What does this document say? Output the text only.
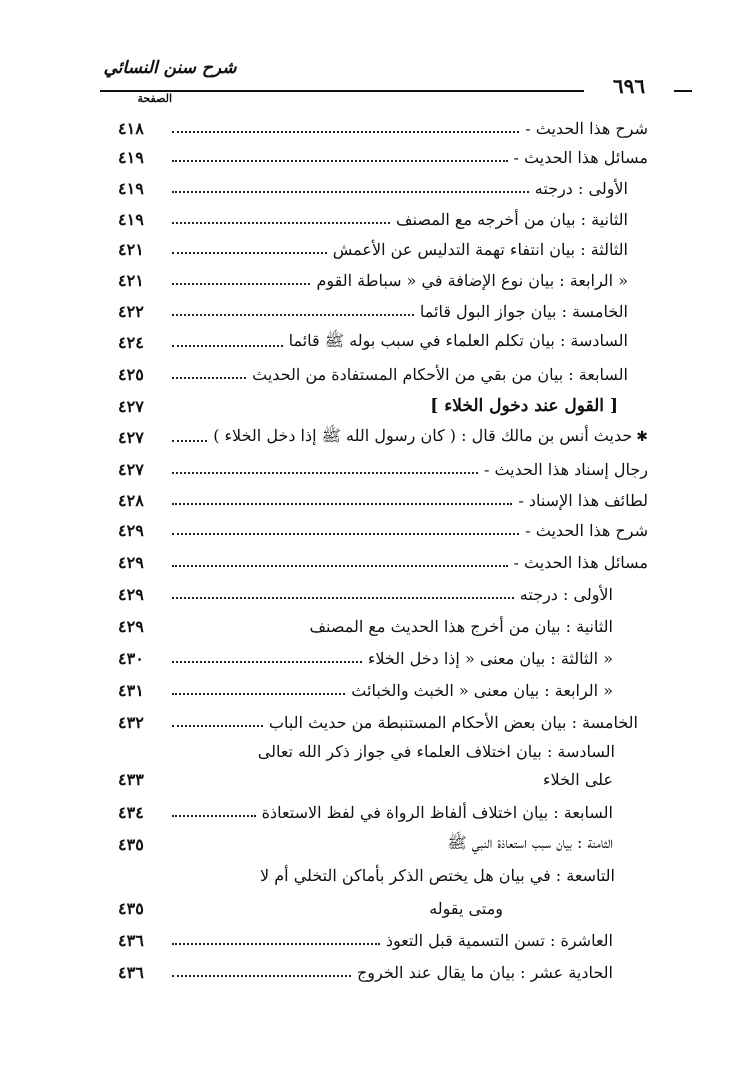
شرح سنن النسائي
٦٩٦
الصفحة
- شرح هذا الحديث
٤١٨
- مسائل هذا الحديث
٤١٩
الأولى : درجته
٤١٩
الثانية : بيان من أخرجه مع المصنف
٤١٩
الثالثة : بيان انتفاء تهمة التدليس عن الأعمش
٤٢١
الرابعة : بيان نوع الإضافة في « سباطة القوم »
٤٢١
الخامسة : بيان جواز البول قائما
٤٢٢
السادسة : بيان تكلم العلماء في سبب بوله ﷺ قائما
٤٢٤
السابعة : بيان من بقي من الأحكام المستفادة من الحديث
٤٢٥
[ القول عند دخول الخلاء ]
٤٢٧
✱
حديث أنس بن مالك قال : ( كان رسول الله ﷺ إذا دخل الخلاء )
٤٢٧
- رجال إسناد هذا الحديث
٤٢٧
- لطائف هذا الإسناد
٤٢٨
- شرح هذا الحديث
٤٢٩
- مسائل هذا الحديث
٤٢٩
الأولى : درجته
٤٢٩
الثانية : بيان من أخرج هذا الحديث مع المصنف
٤٢٩
الثالثة : بيان معنى « إذا دخل الخلاء »
٤٣٠
الرابعة : بيان معنى « الخبث والخبائث »
٤٣١
الخامسة : بيان بعض الأحكام المستنبطة من حديث الباب
٤٣٢
السادسة : بيان اختلاف العلماء في جواز ذكر الله تعالى
على الخلاء
٤٣٣
السابعة : بيان اختلاف ألفاظ الرواة في لفظ الاستعاذة
٤٣٤
الثامنة : بيان سبب استعاذة النبي ﷺ
٤٣٥
التاسعة : في بيان هل يختص الذكر بأماكن التخلي أم لا
ومتى يقوله
٤٣٥
العاشرة : تسن التسمية قبل التعوذ
٤٣٦
الحادية عشر : بيان ما يقال عند الخروج
٤٣٦
